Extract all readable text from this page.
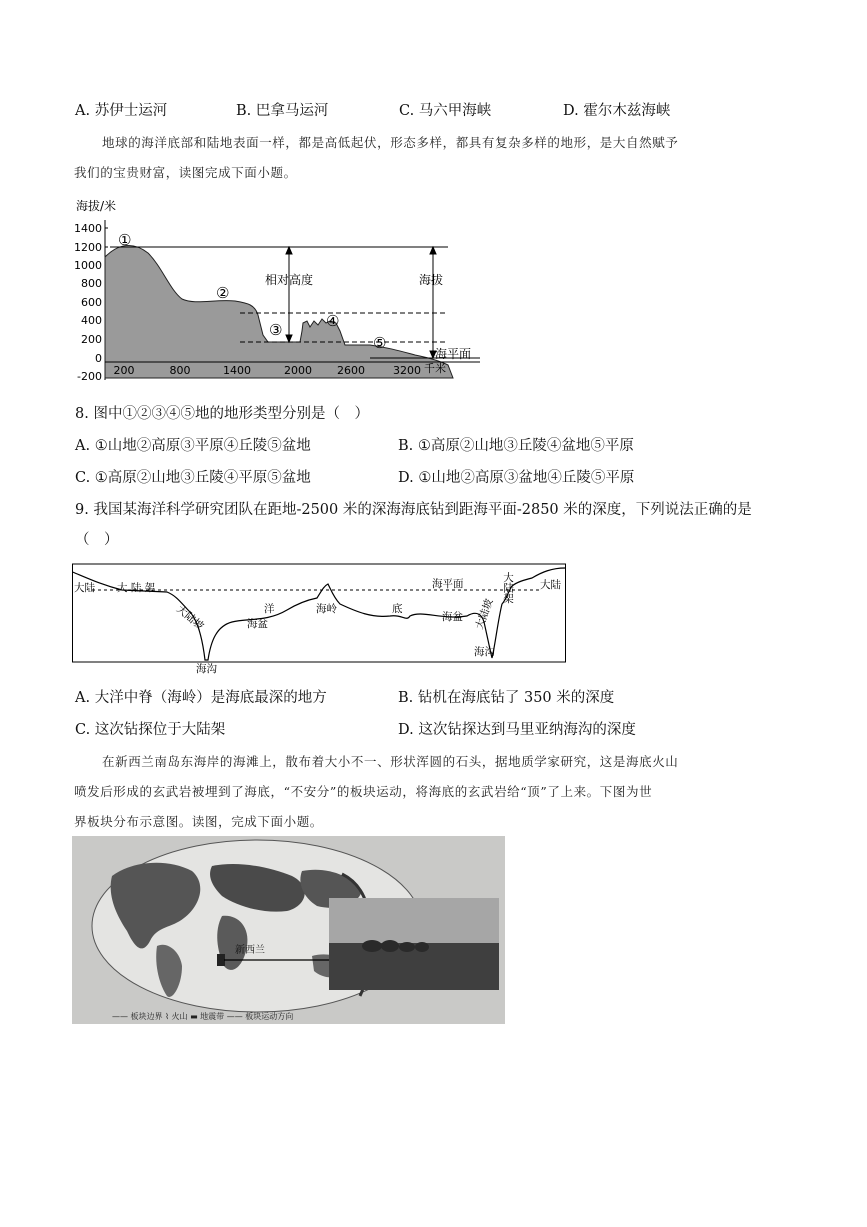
A. 苏伊士运河	B. 巴拿马运河	C. 马六甲海峡	D. 霍尔木兹海峡
地球的海洋底部和陆地表面一样，都是高低起伏，形态多样，都具有复杂多样的地形，是大自然赋予
我们的宝贵财富，读图完成下面小题。
海拔/米
1400
1200
1000
800
600
400
200
0
-200
相对高度	海拔
海平面
①
②
③	④
⑤
200	800	1400	2000 2600	3200 千米
8. 图中①②③④⑤地的地形类型分别是（　）
A. ①山地②高原③平原④丘陵⑤盆地	B. ①高原②山地③丘陵④盆地⑤平原
C. ①高原②山地③丘陵④平原⑤盆地	D. ①山地②高原③盆地④丘陵⑤平原
9. 我国某海洋科学研究团队在距地-2500 米的深海海底钻到距海平面-2850 米的深度，下列说法正确的是
（　）
大陆 大 陆 架
大陆坡	洋
海盆
海岭	底
海盆
海平面
海沟
海沟
大陆坡
大陆架 大陆
A. 大洋中脊（海岭）是海底最深的地方	B. 钻机在海底钻了 350 米的深度
C. 这次钻探位于大陆架	D. 这次钻探达到马里亚纳海沟的深度
在新西兰南岛东海岸的海滩上，散布着大小不一、形状浑圆的石头，据地质学家研究，这是海底火山
喷发后形成的玄武岩被埋到了海底，“不安分”的板块运动，将海底的玄武岩给“顶”了上来。下图为世
界板块分布示意图。读图，完成下面小题。
新西兰
—— 板块边界 ⌇ 火山 ▬ 地震带 —— 板块运动方向
